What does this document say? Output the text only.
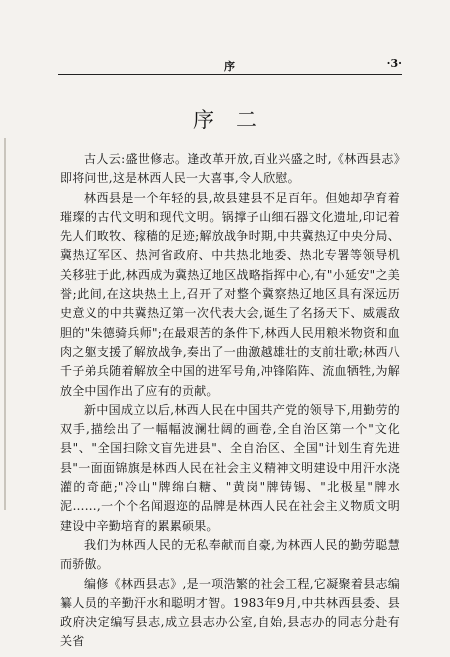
序	·3·
序二

古人云:盛世修志。逢改革开放,百业兴盛之时,《林西县志》即将问世,这是林西人民一大喜事,令人欣慰。

林西县是一个年轻的县,故县建县不足百年。但她却孕育着璀璨的古代文明和现代文明。锅撑子山细石器文化遗址,印记着先人们畋牧、稼穑的足迹;解放战争时期,中共冀热辽中央分局、冀热辽军区、热河省政府、中共热北地委、热北专署等领导机关移驻于此,林西成为冀热辽地区战略指挥中心,有"小延安"之美誉;此间,在这块热土上,召开了对整个冀察热辽地区具有深远历史意义的中共冀热辽第一次代表大会,诞生了名扬天下、威震敌胆的"朱德骑兵师";在最艰苦的条件下,林西人民用粮米物资和血肉之躯支援了解放战争,奏出了一曲激越雄壮的支前壮歌;林西八千子弟兵随着解放全中国的进军号角,冲锋陷阵、流血牺牲,为解放全中国作出了应有的贡献。

新中国成立以后,林西人民在中国共产党的领导下,用勤劳的双手,描绘出了一幅幅波澜壮阔的画卷,全自治区第一个"文化县"、"全国扫除文盲先进县"、全自治区、全国"计划生育先进县"一面面锦旗是林西人民在社会主义精神文明建设中用汗水浇灌的奇葩;"冷山"牌绵白糖、"黄岗"牌铸锡、"北极星"牌水泥……,一个个名闻遐迩的品牌是林西人民在社会主义物质文明建设中辛勤培育的累累硕果。

我们为林西人民的无私奉献而自豪,为林西人民的勤劳聪慧而骄傲。

编修《林西县志》,是一项浩繁的社会工程,它凝聚着县志编纂人员的辛勤汗水和聪明才智。1983年9月,中共林西县委、县政府决定编写县志,成立县志办公室,自始,县志办的同志分赴有关省
